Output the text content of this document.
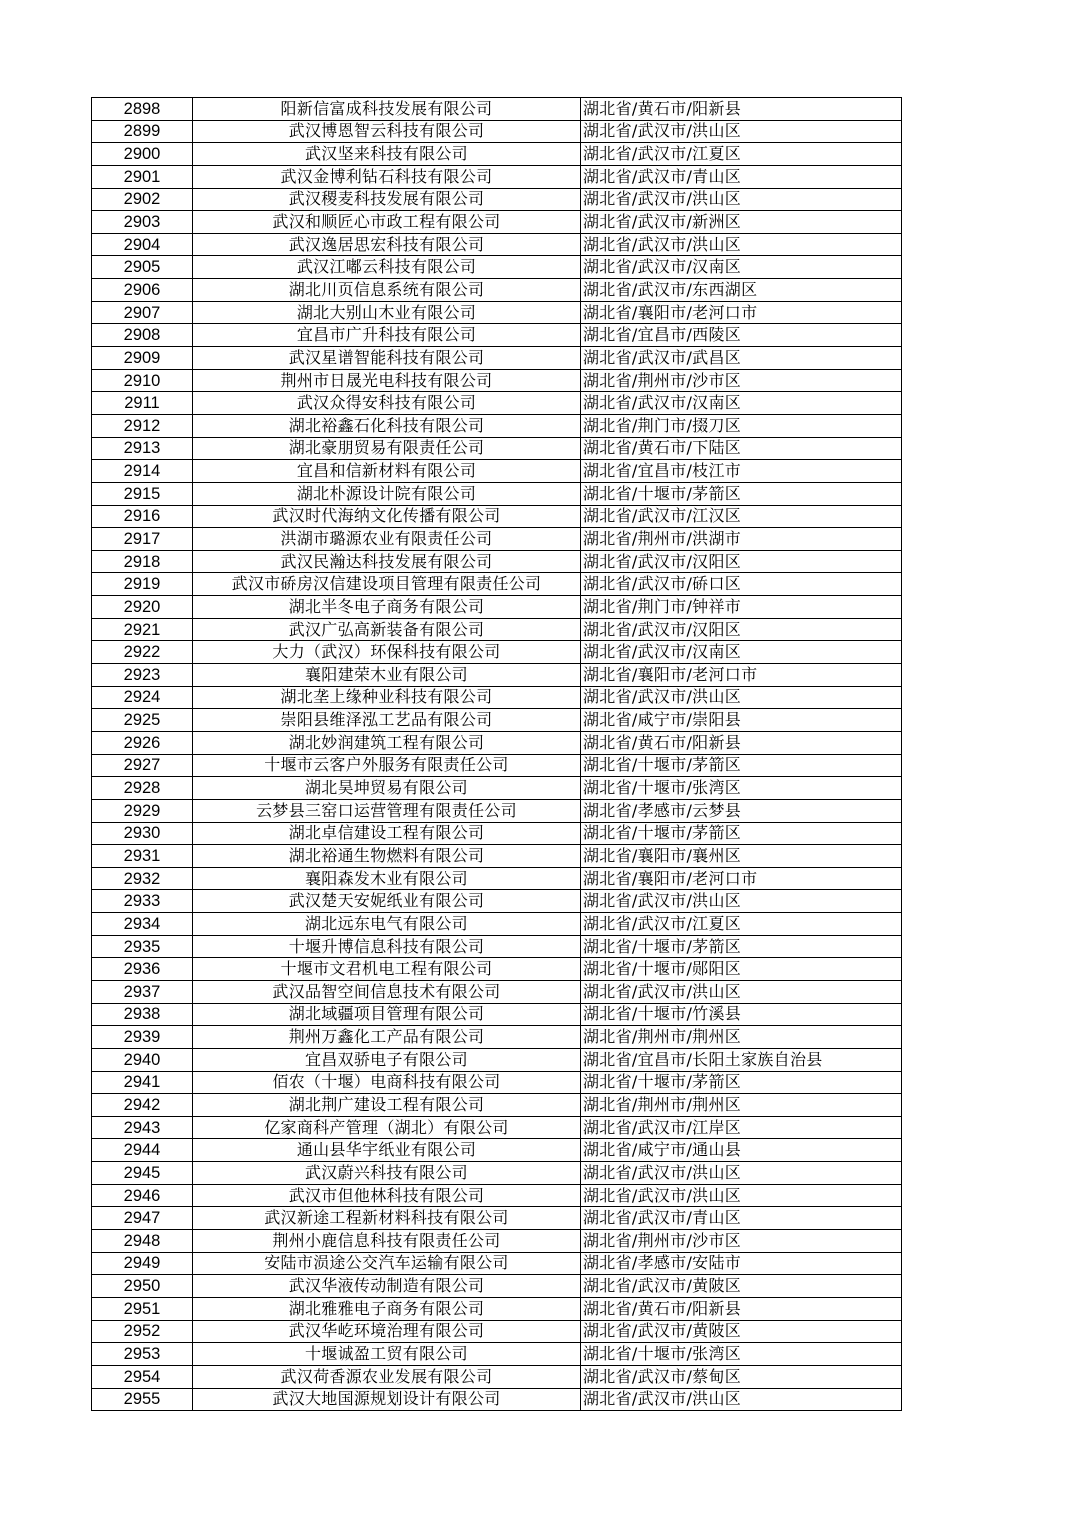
2898	阳新信富成科技发展有限公司	湖北省/黄石市/阳新县
2899	武汉博恩智云科技有限公司	湖北省/武汉市/洪山区
2900	武汉坚来科技有限公司	湖北省/武汉市/江夏区
2901	武汉金博利钻石科技有限公司	湖北省/武汉市/青山区
2902	武汉稷麦科技发展有限公司	湖北省/武汉市/洪山区
2903	武汉和顺匠心市政工程有限公司	湖北省/武汉市/新洲区
2904	武汉逸居思宏科技有限公司	湖北省/武汉市/洪山区
2905	武汉江嘟云科技有限公司	湖北省/武汉市/汉南区
2906	湖北川页信息系统有限公司	湖北省/武汉市/东西湖区
2907	湖北大别山木业有限公司	湖北省/襄阳市/老河口市
2908	宜昌市广升科技有限公司	湖北省/宜昌市/西陵区
2909	武汉星谱智能科技有限公司	湖北省/武汉市/武昌区
2910	荆州市日晟光电科技有限公司	湖北省/荆州市/沙市区
2911	武汉众得安科技有限公司	湖北省/武汉市/汉南区
2912	湖北裕鑫石化科技有限公司	湖北省/荆门市/掇刀区
2913	湖北豪朋贸易有限责任公司	湖北省/黄石市/下陆区
2914	宜昌和信新材料有限公司	湖北省/宜昌市/枝江市
2915	湖北朴源设计院有限公司	湖北省/十堰市/茅箭区
2916	武汉时代海纳文化传播有限公司	湖北省/武汉市/江汉区
2917	洪湖市璐源农业有限责任公司	湖北省/荆州市/洪湖市
2918	武汉民瀚达科技发展有限公司	湖北省/武汉市/汉阳区
2919	武汉市硚房汉信建设项目管理有限责任公司	湖北省/武汉市/硚口区
2920	湖北半冬电子商务有限公司	湖北省/荆门市/钟祥市
2921	武汉广弘高新装备有限公司	湖北省/武汉市/汉阳区
2922	大力（武汉）环保科技有限公司	湖北省/武汉市/汉南区
2923	襄阳建荣木业有限公司	湖北省/襄阳市/老河口市
2924	湖北垄上缘种业科技有限公司	湖北省/武汉市/洪山区
2925	崇阳县维泽泓工艺品有限公司	湖北省/咸宁市/崇阳县
2926	湖北妙润建筑工程有限公司	湖北省/黄石市/阳新县
2927	十堰市云客户外服务有限责任公司	湖北省/十堰市/茅箭区
2928	湖北昊坤贸易有限公司	湖北省/十堰市/张湾区
2929	云梦县三窑口运营管理有限责任公司	湖北省/孝感市/云梦县
2930	湖北卓信建设工程有限公司	湖北省/十堰市/茅箭区
2931	湖北裕通生物燃料有限公司	湖北省/襄阳市/襄州区
2932	襄阳森发木业有限公司	湖北省/襄阳市/老河口市
2933	武汉楚天安妮纸业有限公司	湖北省/武汉市/洪山区
2934	湖北远东电气有限公司	湖北省/武汉市/江夏区
2935	十堰升博信息科技有限公司	湖北省/十堰市/茅箭区
2936	十堰市文君机电工程有限公司	湖北省/十堰市/郧阳区
2937	武汉品智空间信息技术有限公司	湖北省/武汉市/洪山区
2938	湖北域疆项目管理有限公司	湖北省/十堰市/竹溪县
2939	荆州万鑫化工产品有限公司	湖北省/荆州市/荆州区
2940	宜昌双骄电子有限公司	湖北省/宜昌市/长阳土家族自治县
2941	佰农（十堰）电商科技有限公司	湖北省/十堰市/茅箭区
2942	湖北荆广建设工程有限公司	湖北省/荆州市/荆州区
2943	亿家商科产管理（湖北）有限公司	湖北省/武汉市/江岸区
2944	通山县华宇纸业有限公司	湖北省/咸宁市/通山县
2945	武汉蔚兴科技有限公司	湖北省/武汉市/洪山区
2946	武汉市但他林科技有限公司	湖北省/武汉市/洪山区
2947	武汉新途工程新材料科技有限公司	湖北省/武汉市/青山区
2948	荆州小鹿信息科技有限责任公司	湖北省/荆州市/沙市区
2949	安陆市涢途公交汽车运输有限公司	湖北省/孝感市/安陆市
2950	武汉华液传动制造有限公司	湖北省/武汉市/黄陂区
2951	湖北雅雅电子商务有限公司	湖北省/黄石市/阳新县
2952	武汉华屹环境治理有限公司	湖北省/武汉市/黄陂区
2953	十堰诚盈工贸有限公司	湖北省/十堰市/张湾区
2954	武汉荷香源农业发展有限公司	湖北省/武汉市/蔡甸区
2955	武汉大地国源规划设计有限公司	湖北省/武汉市/洪山区
